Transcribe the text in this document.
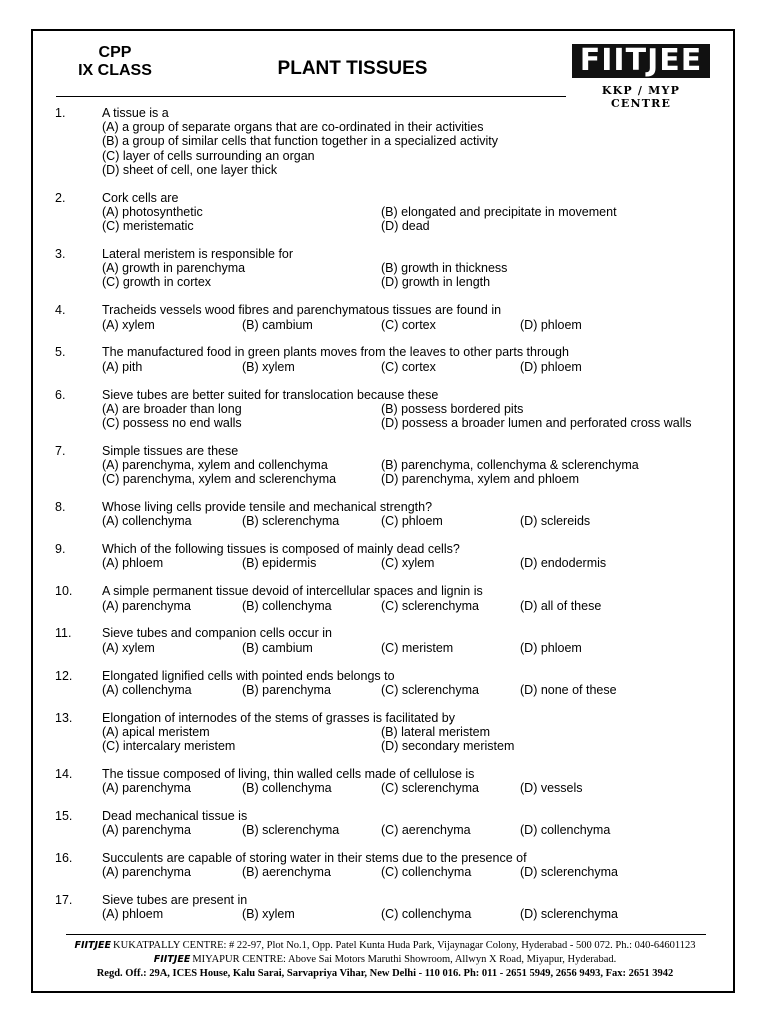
CPP
IX CLASS	PLANT TISSUES	FIITJEE
KKP / MYP CENTRE
1.	A tissue is a
(A) a group of separate organs that are co-ordinated in their activities
(B) a group of similar cells that function together in a specialized activity
(C) layer of cells surrounding an organ
(D) sheet of cell, one layer thick
2.	Cork cells are
(A) photosynthetic	(B) elongated and precipitate in movement
(C) meristematic	(D) dead
3.	Lateral meristem is responsible for
(A) growth in parenchyma	(B) growth in thickness
(C) growth in cortex	(D) growth in length
4.	Tracheids vessels wood fibres and parenchymatous tissues are found in
(A) xylem	(B) cambium	(C) cortex	(D) phloem
5.	The manufactured food in green plants moves from the leaves to other parts through
(A) pith	(B) xylem	(C) cortex	(D) phloem
6.	Sieve tubes are better suited for translocation because these
(A) are broader than long	(B) possess bordered pits
(C) possess no end walls	(D) possess a broader lumen and perforated cross walls
7.	Simple tissues are these
(A) parenchyma, xylem and collenchyma	(B) parenchyma, collenchyma & sclerenchyma
(C) parenchyma, xylem and sclerenchyma	(D) parenchyma, xylem and phloem
8.	Whose living cells provide tensile and mechanical strength?
(A) collenchyma	(B) sclerenchyma	(C) phloem	(D) sclereids
9.	Which of the following tissues is composed of mainly dead cells?
(A) phloem	(B) epidermis	(C) xylem	(D) endodermis
10. A simple permanent tissue devoid of intercellular spaces and lignin is
(A) parenchyma	(B) collenchyma	(C) sclerenchyma	(D) all of these
11. Sieve tubes and companion cells occur in
(A) xylem	(B) cambium	(C) meristem	(D) phloem
12. Elongated lignified cells with pointed ends belongs to
(A) collenchyma	(B) parenchyma	(C) sclerenchyma	(D) none of these
13. Elongation of internodes of the stems of grasses is facilitated by
(A) apical meristem	(B) lateral meristem
(C) intercalary meristem	(D) secondary meristem
14. The tissue composed of living, thin walled cells made of cellulose is
(A) parenchyma	(B) collenchyma	(C) sclerenchyma	(D) vessels
15. Dead mechanical tissue is
(A) parenchyma	(B) sclerenchyma	(C) aerenchyma	(D) collenchyma
16. Succulents are capable of storing water in their stems due to the presence of
(A) parenchyma	(B) aerenchyma	(C) collenchyma	(D) sclerenchyma
17. Sieve tubes are present in
(A) phloem	(B) xylem	(C) collenchyma	(D) sclerenchyma
FIITJEE KUKATPALLY CENTRE: # 22-97, Plot No.1, Opp. Patel Kunta Huda Park, Vijaynagar Colony, Hyderabad - 500 072. Ph.: 040-64601123
FIITJEE MIYAPUR CENTRE: Above Sai Motors Maruthi Showroom, Allwyn X Road, Miyapur, Hyderabad.
Regd. Off.: 29A, ICES House, Kalu Sarai, Sarvapriya Vihar, New Delhi - 110 016. Ph: 011 - 2651 5949, 2656 9493, Fax: 2651 3942
